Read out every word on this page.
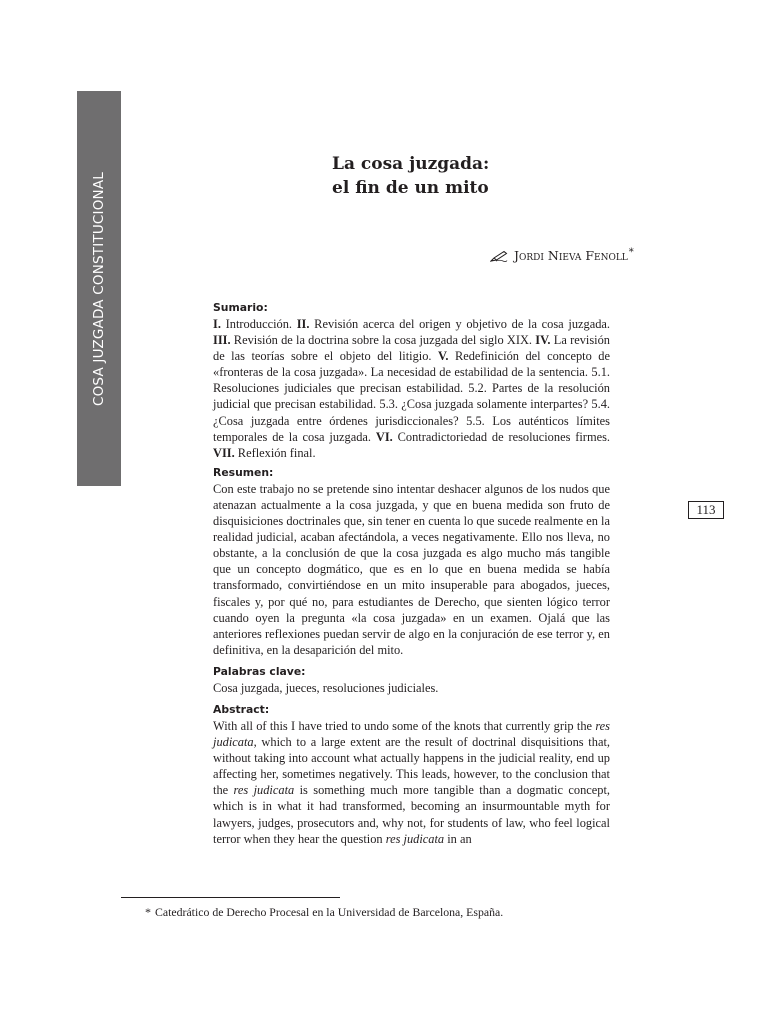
COSA JUZGADA CONSTITUCIONAL
La cosa juzgada:
el fin de un mito
Jordi Nieva Fenoll*

Sumario:

I. Introducción. II. Revisión acerca del origen y objetivo de la cosa juzgada. III. Revisión de la doctrina sobre la cosa juzgada del siglo XIX. IV. La revisión de las teorías sobre el objeto del litigio. V. Redefinición del concepto de «fronteras de la cosa juzgada». La necesidad de estabilidad de la sentencia. 5.1. Resoluciones judiciales que precisan estabilidad. 5.2. Partes de la resolución judicial que precisan estabilidad. 5.3. ¿Cosa juzgada solamente interpartes? 5.4. ¿Cosa juzgada entre órdenes jurisdiccionales? 5.5. Los auténticos límites temporales de la cosa juzgada. VI. Contradictoriedad de resoluciones firmes. VII. Reflexión final.

Resumen:

Con este trabajo no se pretende sino intentar deshacer algunos de los nudos que atenazan actualmente a la cosa juzgada, y que en buena medida son fruto de disquisiciones doctrinales que, sin tener en cuenta lo que sucede realmente en la realidad judicial, acaban afectándola, a veces negativamente. Ello nos lleva, no obstante, a la conclusión de que la cosa juzgada es algo mucho más tangible que un concepto dogmático, que es en lo que en buena medida se había transformado, convirtiéndose en un mito insuperable para abogados, jueces, fiscales y, por qué no, para estudiantes de Derecho, que sienten lógico terror cuando oyen la pregunta «la cosa juzgada» en un examen. Ojalá que las anteriores reflexiones puedan servir de algo en la conjuración de ese terror y, en definitiva, en la desaparición del mito.

Palabras clave:

Cosa juzgada, jueces, resoluciones judiciales.

Abstract:

With all of this I have tried to undo some of the knots that currently grip the res judicata, which to a large extent are the result of doctrinal disquisitions that, without taking into account what actually happens in the judicial reality, end up affecting her, sometimes negatively. This leads, however, to the conclusion that the res judicata is something much more tangible than a dogmatic concept, which is in what it had transformed, becoming an insurmountable myth for lawyers, judges, prosecutors and, why not, for students of law, who feel logical terror when they hear the question res judicata in an

113
* Catedrático de Derecho Procesal en la Universidad de Barcelona, España.
